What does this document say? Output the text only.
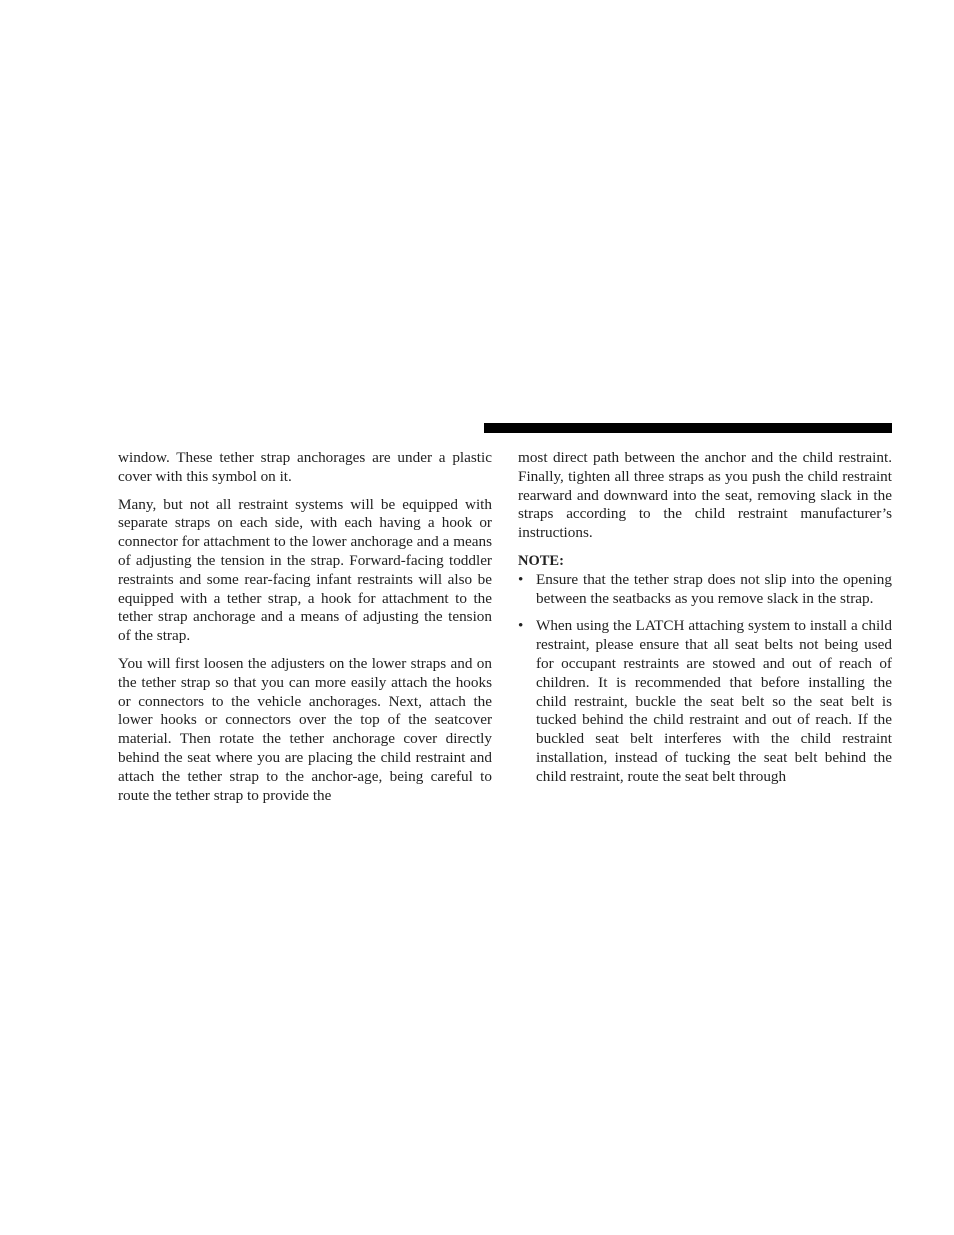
window. These tether strap anchorages are under a plastic cover with this symbol on it.

Many, but not all restraint systems will be equipped with separate straps on each side, with each having a hook or connector for attachment to the lower anchorage and a means of adjusting the tension in the strap. Forward-facing toddler restraints and some rear-facing infant restraints will also be equipped with a tether strap, a hook for attachment to the tether strap anchorage and a means of adjusting the tension of the strap.

You will first loosen the adjusters on the lower straps and on the tether strap so that you can more easily attach the hooks or connectors to the vehicle anchorages. Next, attach the lower hooks or connectors over the top of the seatcover material. Then rotate the tether anchorage cover directly behind the seat where you are placing the child restraint and attach the tether strap to the anchor-age, being careful to route the tether strap to provide the

most direct path between the anchor and the child restraint. Finally, tighten all three straps as you push the child restraint rearward and downward into the seat, removing slack in the straps according to the child restraint manufacturer’s instructions.

NOTE:
• Ensure that the tether strap does not slip into the opening between the seatbacks as you remove slack in the strap.
• When using the LATCH attaching system to install a child restraint, please ensure that all seat belts not being used for occupant restraints are stowed and out of reach of children. It is recommended that before installing the child restraint, buckle the seat belt so the seat belt is tucked behind the child restraint and out of reach. If the buckled seat belt interferes with the child restraint installation, instead of tucking the seat belt behind the child restraint, route the seat belt through
